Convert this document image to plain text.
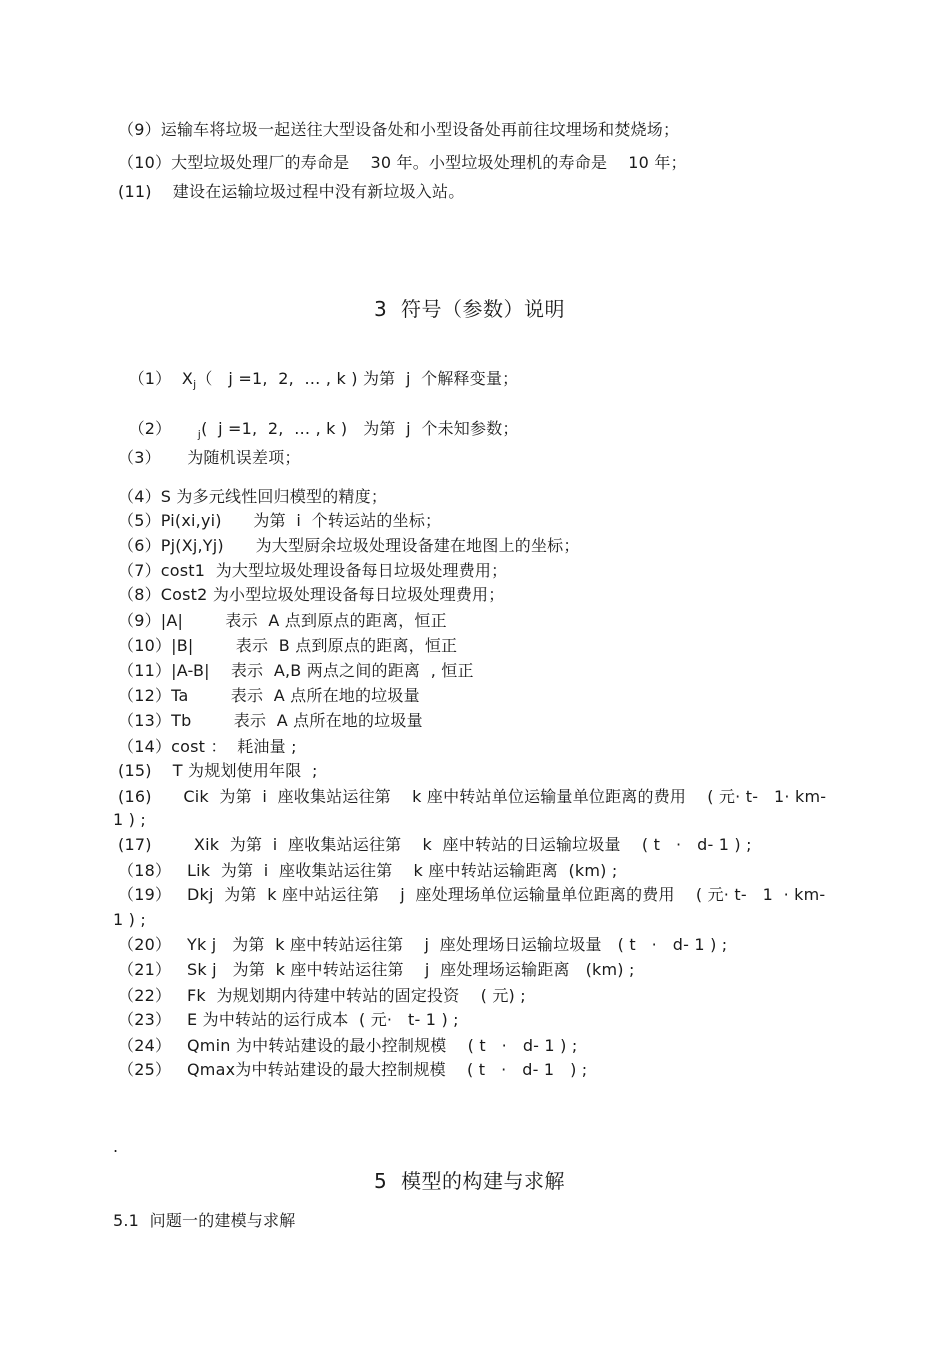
（9）运输车将垃圾一起送往大型设备处和小型设备处再前往坟埋场和焚烧场；
（10）大型垃圾处理厂的寿命是    30 年。小型垃圾处理机的寿命是    10 年；
(11)    建设在运输垃圾过程中没有新垃圾入站。
3  符号（参数）说明

（1）  $X_j$（   j =1,  2,  … , k ) 为第  j  个解释变量；

（2）     $_j$(  j =1,  2,  … , k )   为第  j  个未知参数；

（3）     为随机误差项；
（4）S 为多元线性回归模型的精度；
（5）Pi(xi,yi)      为第  i  个转运站的坐标；
（6）Pj(Xj,Yj)      为大型厨余垃圾处理设备建在地图上的坐标；
（7）cost1  为大型垃圾处理设备每日垃圾处理费用；
（8）Cost2 为小型垃圾处理设备每日垃圾处理费用；
（9）|A|        表示  A 点到原点的距离，恒正
（10）|B|        表示  B 点到原点的距离，恒正
（11）|A-B|    表示  A,B 两点之间的距离  , 恒正
（12）Ta        表示  A 点所在地的垃圾量
（13）Tb        表示  A 点所在地的垃圾量
（14）cost ：  耗油量 ;
(15)    T 为规划使用年限  ;
(16)      Cik  为第  i  座收集站运往第    k 座中转站单位运输量单位距离的费用    ( 元· t-   1· km-
1 ) ;
(17)        Xik  为第  i  座收集站运往第    k  座中转站的日运输垃圾量    ( t   ·   d- 1 ) ;
（18）   Lik  为第  i  座收集站运往第    k 座中转站运输距离  (km) ;
（19）   Dkj  为第  k 座中站运往第    j  座处理场单位运输量单位距离的费用    ( 元· t-   1  · km-
1 ) ;
（20）   Yk j   为第  k 座中转站运往第    j  座处理场日运输垃圾量   ( t   ·   d- 1 ) ;
（21）   Sk j   为第  k 座中转站运往第    j  座处理场运输距离   (km) ;
（22）   Fk  为规划期内待建中转站的固定投资    ( 元) ;
（23）   E 为中转站的运行成本  ( 元·   t- 1 ) ;
（24）   Qmin 为中转站建设的最小控制规模    ( t   ·   d- 1 ) ;
（25）   Qmax为中转站建设的最大控制规模    ( t   ·   d- 1   ) ;
.
5  模型的构建与求解
5.1  问题一的建模与求解
